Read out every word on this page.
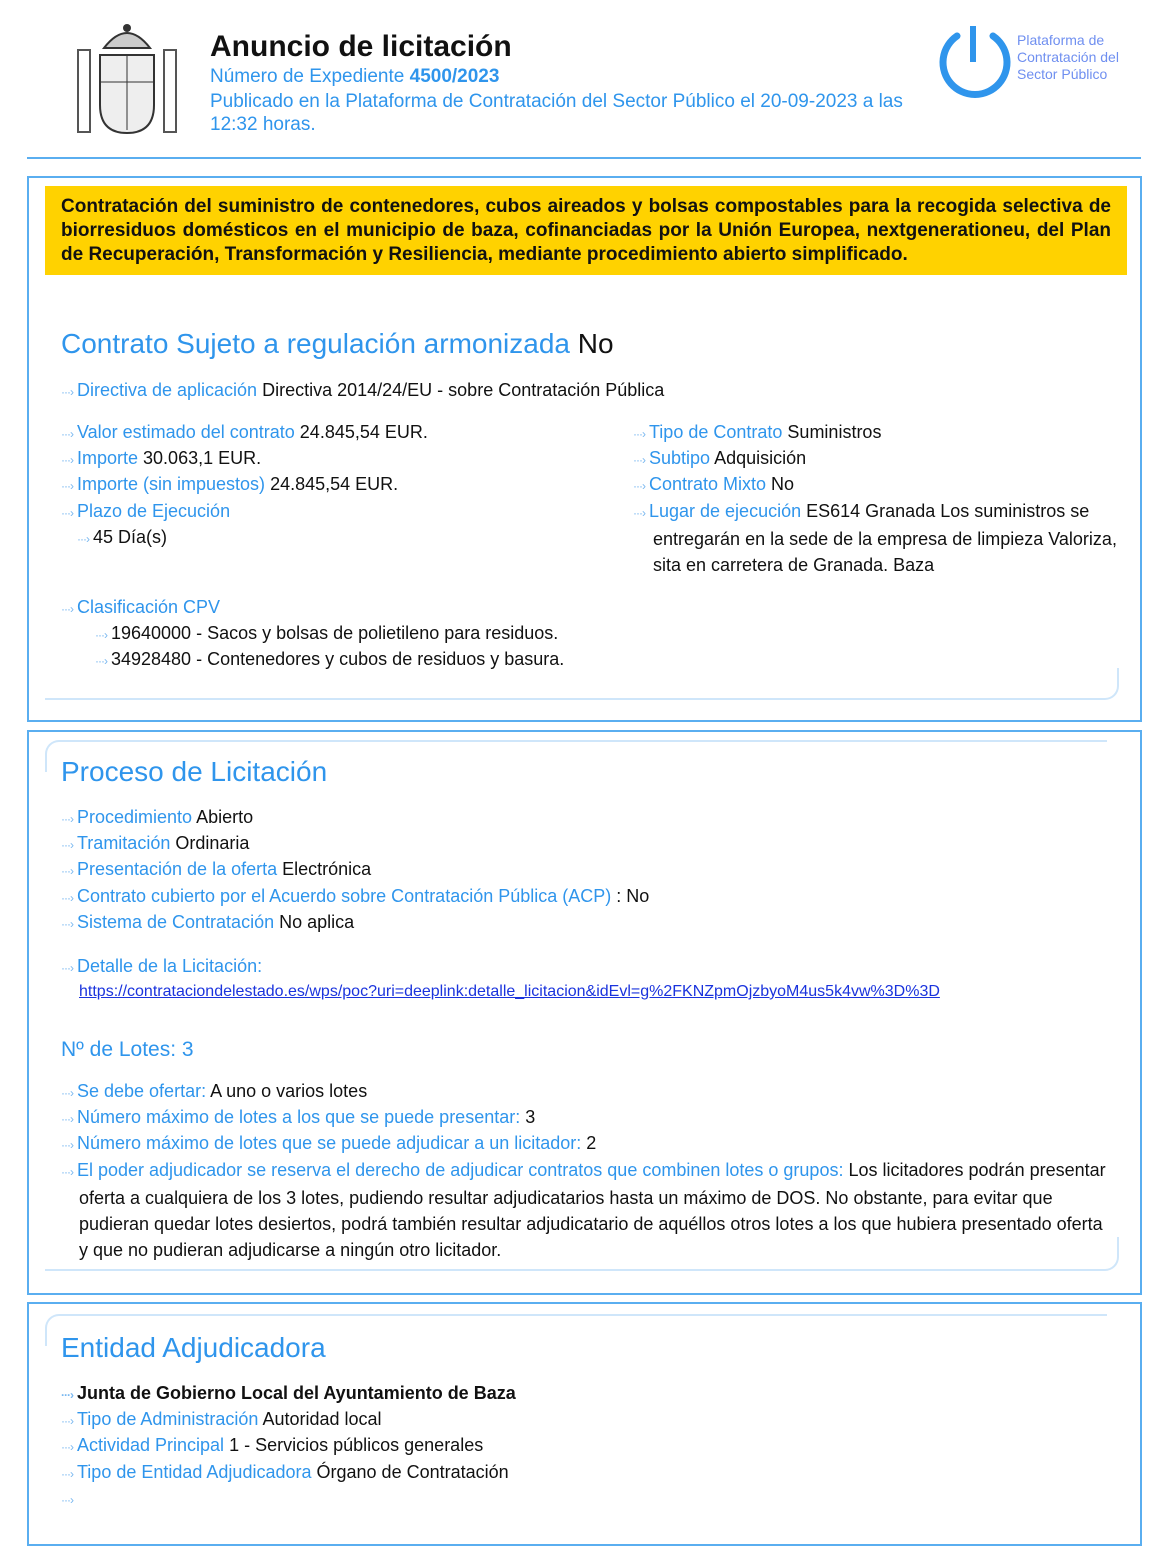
Anuncio de licitación
Número de Expediente 4500/2023
Publicado en la Plataforma de Contratación del Sector Público el 20-09-2023 a las 12:32 horas.
Plataforma de Contratación del Sector Público
Contratación del suministro de contenedores, cubos aireados y bolsas compostables para la recogida selectiva de biorresiduos domésticos en el municipio de baza, cofinanciadas por la Unión Europea, nextgenerationeu, del Plan de Recuperación, Transformación y Resiliencia, mediante procedimiento abierto simplificado.
Contrato Sujeto a regulación armonizada No
···› Directiva de aplicación Directiva 2014/24/EU - sobre Contratación Pública
···› Valor estimado del contrato 24.845,54 EUR.
···› Importe 30.063,1 EUR.
···› Importe (sin impuestos) 24.845,54 EUR.
···› Plazo de Ejecución
···› 45 Día(s)
···› Tipo de Contrato Suministros
···› Subtipo Adquisición
···› Contrato Mixto No
···› Lugar de ejecución ES614 Granada Los suministros se entregarán en la sede de la empresa de limpieza Valoriza, sita en carretera de Granada. Baza
···› Clasificación CPV
···› 19640000 - Sacos y bolsas de polietileno para residuos.
···› 34928480 - Contenedores y cubos de residuos y basura.
Proceso de Licitación
···› Procedimiento Abierto
···› Tramitación Ordinaria
···› Presentación de la oferta Electrónica
···› Contrato cubierto por el Acuerdo sobre Contratación Pública (ACP) : No
···› Sistema de Contratación No aplica
···› Detalle de la Licitación:
https://contrataciondelestado.es/wps/poc?uri=deeplink:detalle_licitacion&idEvl=g%2FKNZpmOjzbyoM4us5k4vw%3D%3D
Nº de Lotes: 3
···› Se debe ofertar: A uno o varios lotes
···› Número máximo de lotes a los que se puede presentar: 3
···› Número máximo de lotes que se puede adjudicar a un licitador: 2
···› El poder adjudicador se reserva el derecho de adjudicar contratos que combinen lotes o grupos: Los licitadores podrán presentar oferta a cualquiera de los 3 lotes, pudiendo resultar adjudicatarios hasta un máximo de DOS. No obstante, para evitar que pudieran quedar lotes desiertos, podrá también resultar adjudicatario de aquéllos otros lotes a los que hubiera presentado oferta y que no pudieran adjudicarse a ningún otro licitador.
Entidad Adjudicadora
···› Junta de Gobierno Local del Ayuntamiento de Baza
···› Tipo de Administración Autoridad local
···› Actividad Principal 1 - Servicios públicos generales
···› Tipo de Entidad Adjudicadora Órgano de Contratación
···›
